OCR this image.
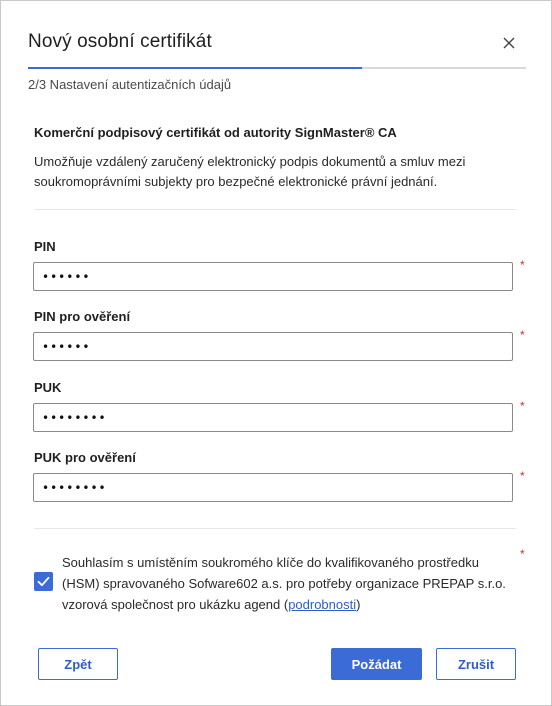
Nový osobní certifikát
2/3 Nastavení autentizačních údajů
Komerční podpisový certifikát od autority SignMaster® CA
Umožňuje vzdálený zaručený elektronický podpis dokumentů a smluv mezi soukromoprávními subjekty pro bezpečné elektronické právní jednání.
PIN
••••••
*
PIN pro ověření
••••••
*
PUK
••••••••
*
PUK pro ověření
••••••••
*
Souhlasím s umístěním soukromého klíče do kvalifikovaného prostředku (HSM) spravovaného Sofware602 a.s. pro potřeby organizace PREPAP s.r.o. vzorová společnost pro ukázku agend (podrobnosti)
*
Zpět	Požádat	Zrušit
